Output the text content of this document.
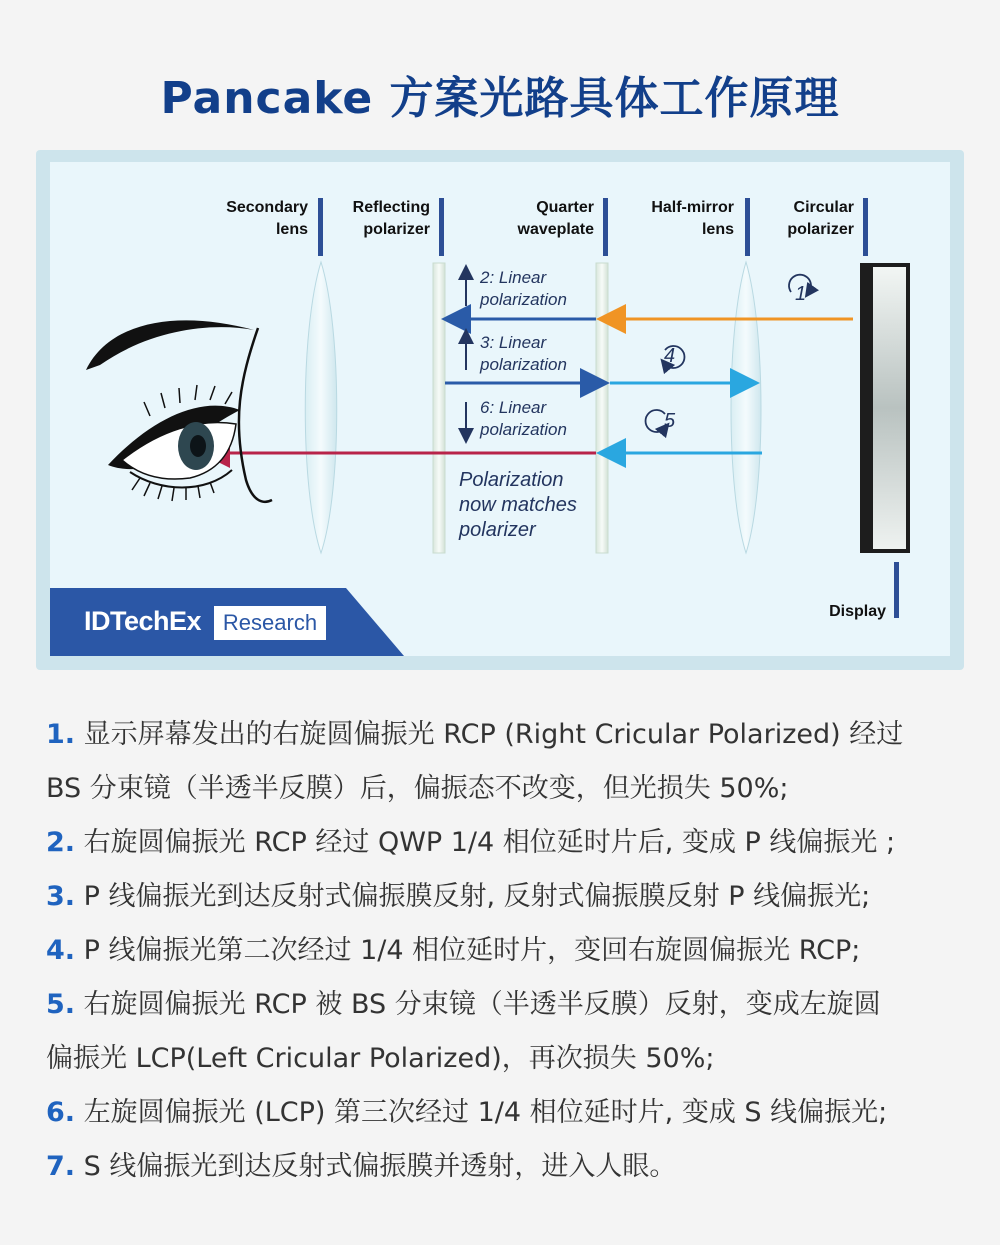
Pancake 方案光路具体工作原理
Secondary
lens
Reflecting
polarizer
Quarter
waveplate
Half-mirror
lens
Circular
polarizer
Display
2: Linear
polarization
3: Linear
polarization
6: Linear
polarization
Polarization
now matches
polarizer
1
4
5
IDTechEx Research
1. 显示屏幕发出的右旋圆偏振光 RCP (Right Cricular Polarized) 经过
BS 分束镜（半透半反膜）后，偏振态不改变，但光损失 50%;
2. 右旋圆偏振光 RCP 经过 QWP 1/4 相位延时片后, 变成 P 线偏振光 ;
3. P 线偏振光到达反射式偏振膜反射, 反射式偏振膜反射 P 线偏振光;
4. P 线偏振光第二次经过 1/4 相位延时片，变回右旋圆偏振光 RCP;
5. 右旋圆偏振光 RCP 被 BS 分束镜（半透半反膜）反射，变成左旋圆
偏振光 LCP(Left Cricular Polarized)，再次损失 50%;
6. 左旋圆偏振光 (LCP) 第三次经过 1/4 相位延时片, 变成 S 线偏振光;
7. S 线偏振光到达反射式偏振膜并透射，进入人眼。
